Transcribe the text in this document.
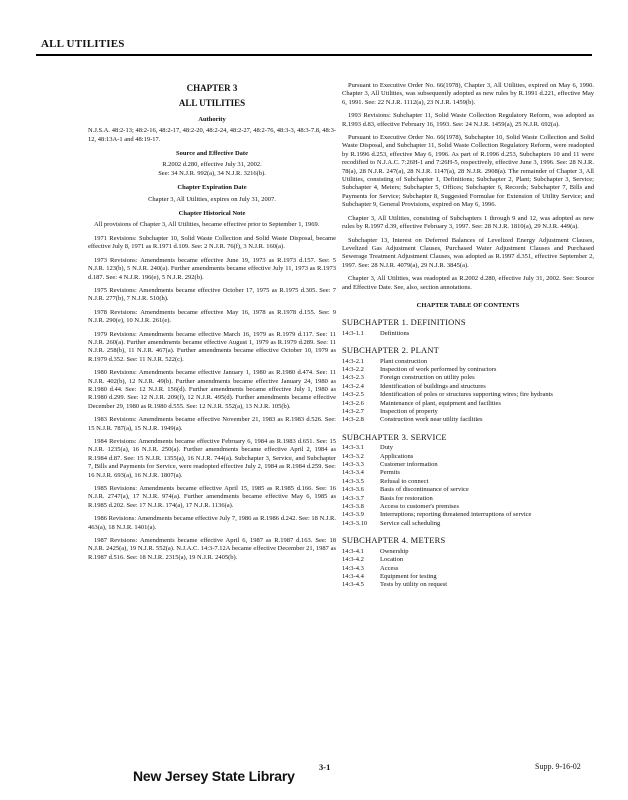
ALL UTILITIES
CHAPTER 3
ALL UTILITIES
Authority

N.J.S.A. 48:2-13; 48:2-16, 48:2-17, 48:2-20, 48:2-24, 48:2-27, 48:2-76, 48:3-3, 48:3-7.8, 48:3-12, 48:13A-1 and 48:19-17.

Source and Effective Date

R.2002 d.280, effective July 31, 2002.

See: 34 N.J.R. 992(a), 34 N.J.R. 3216(b).

Chapter Expiration Date

Chapter 3, All Utilities, expires on July 31, 2007.

Chapter Historical Note

All provisions of Chapter 3, All Utilities, became effective prior to September 1, 1969.

1971 Revisions: Subchapter 10, Solid Waste Collection and Solid Waste Disposal, became effective July 8, 1971 as R.1971 d.109. See: 2 N.J.R. 76(f), 3 N.J.R. 160(a).

1973 Revisions: Amendments became effective June 19, 1973 as R.1973 d.157. See: 5 N.J.R. 123(b), 5 N.J.R. 240(a). Further amendments became effective July 11, 1973 as R.1973 d.187. See: 4 N.J.R. 196(e), 5 N.J.R. 292(b).

1975 Revisions: Amendments became effective October 17, 1975 as R.1975 d.305. See: 7 N.J.R. 277(b), 7 N.J.R. 510(h).

1978 Revisions: Amendments became effective May 16, 1978 as R.1978 d.155. See: 9 N.J.R. 290(e), 10 N.J.R. 261(e).

1979 Revisions: Amendments became effective March 16, 1979 as R.1979 d.117. See: 11 N.J.R. 260(a). Further amendments became effective August 1, 1979 as R.1979 d.289. See: 11 N.J.R. 258(b), 11 N.J.R. 467(a). Further amendments became effective October 10, 1979 as R.1979 d.352. See: 11 N.J.R. 522(c).

1980 Revisions: Amendments became effective January 1, 1980 as R.1980 d.474. See: 11 N.J.R. 402(b), 12 N.J.R. 49(b). Further amendments became effective January 24, 1980 as R.1980 d.44. See: 12 N.J.R. 156(d). Further amendments became effective July 1, 1980 as R.1980 d.299. See: 12 N.J.R. 209(f), 12 N.J.R. 495(d). Further amendments became effective December 29, 1980 as R.1980 d.555. See: 12 N.J.R. 552(a), 13 N.J.R. 105(b).

1983 Revisions: Amendments became effective November 21, 1983 as R.1983 d.526. See: 15 N.J.R. 787(a), 15 N.J.R. 1949(a).

1984 Revisions: Amendments became effective February 6, 1984 as R.1983 d.651. See: 15 N.J.R. 1235(a), 16 N.J.R. 250(a). Further amendments became effective April 2, 1984 as R.1984 d.87. See: 15 N.J.R. 1355(a), 16 N.J.R. 744(a). Subchapter 3, Service, and Subchapter 7, Bills and Payments for Service, were readopted effective July 2, 1984 as R.1984 d.259. See: 16 N.J.R. 693(a), 16 N.J.R. 1807(a).

1985 Revisions: Amendments became effective April 15, 1985 as R.1985 d.166. See: 16 N.J.R. 2747(a), 17 N.J.R. 974(a). Further amendments became effective May 6, 1985 as R.1985 d.202. See: 17 N.J.R. 174(a), 17 N.J.R. 1136(a).

1986 Revisions: Amendments became effective July 7, 1986 as R.1986 d.242. See: 18 N.J.R. 463(a), 18 N.J.R. 1401(a).

1987 Revisions: Amendments became effective April 6, 1987 as R.1987 d.163. See: 18 N.J.R. 2425(a), 19 N.J.R. 552(a). N.J.A.C. 14:3-7.12A became effective December 21, 1987 as R.1987 d.516. See: 18 N.J.R. 2315(a), 19 N.J.R. 2405(b).

Pursuant to Executive Order No. 66(1978), Chapter 3, All Utilities, expired on May 6, 1990. Chapter 3, All Utilities, was subsequently adopted as new rules by R.1991 d.221, effective May 6, 1991. See: 22 N.J.R. 1112(a), 23 N.J.R. 1459(b).

1993 Revisions: Subchapter 11, Solid Waste Collection Regulatory Reform, was adopted as R.1993 d.83, effective February 16, 1993. See: 24 N.J.R. 1459(a), 25 N.J.R. 692(a).

Pursuant to Executive Order No. 66(1978), Subchapter 10, Solid Waste Collection and Solid Waste Disposal, and Subchapter 11, Solid Waste Collection Regulatory Reform, were readopted by R.1996 d.253, effective May 6, 1996. As part of R.1996 d.253, Subchapters 10 and 11 were recodified to N.J.A.C. 7:26H-1 and 7:26H-5, respectively, effective June 3, 1996. See: 28 N.J.R. 78(a), 28 N.J.R. 247(a), 28 N.J.R. 1147(a), 28 N.J.R. 2908(a). The remainder of Chapter 3, All Utilities, consisting of Subchapter 1, Definitions; Subchapter 2, Plant; Subchapter 3, Service; Subchapter 4, Meters; Subchapter 5, Offices; Subchapter 6, Records; Subchapter 7, Bills and Payments for Service; Subchapter 8, Suggested Formulae for Extension of Utility Service; and Subchapter 9, General Provisions, expired on May 6, 1996.

Chapter 3, All Utilities, consisting of Subchapters 1 through 9 and 12, was adopted as new rules by R.1997 d.39, effective February 3, 1997. See: 28 N.J.R. 1810(a), 29 N.J.R. 449(a).

Subchapter 13, Interest on Deferred Balances of Levelized Energy Adjustment Clauses, Levelized Gas Adjustment Clauses, Purchased Water Adjustment Clauses and Purchased Sewerage Treatment Adjustment Clauses, was adopted as R.1997 d.351, effective September 2, 1997. See: 28 N.J.R. 4079(a), 29 N.J.R. 3845(a).

Chapter 3, All Utilities, was readopted as R.2002 d.280, effective July 31, 2002. See: Source and Effective Date. See, also, section annotations.

CHAPTER TABLE OF CONTENTS
SUBCHAPTER 1. DEFINITIONS
14:3-1.1	Definitions
SUBCHAPTER 2. PLANT
14:3-2.1	Plant construction
14:3-2.2	Inspection of work performed by contractors
14:3-2.3	Foreign construction on utility poles
14:3-2.4	Identification of buildings and structures
14:3-2.5	Identification of poles or structures supporting wires; fire hydrants
14:3-2.6	Maintenance of plant, equipment and facilities
14:3-2.7	Inspection of property
14:3-2.8	Construction work near utility facilities
SUBCHAPTER 3. SERVICE
14:3-3.1	Duty
14:3-3.2	Applications
14:3-3.3	Customer information
14:3-3.4	Permits
14:3-3.5	Refusal to connect
14:3-3.6	Basis of discontinuance of service
14:3-3.7	Basis for restoration
14:3-3.8	Access to customer's premises
14:3-3.9	Interruptions; reporting threatened interruptions of service
14:3-3.10	Service call scheduling
SUBCHAPTER 4. METERS
14:3-4.1	Ownership
14:3-4.2	Location
14:3-4.3	Access
14:3-4.4	Equipment for testing
14:3-4.5	Tests by utility on request
3-1
New Jersey State Library
Supp. 9-16-02
